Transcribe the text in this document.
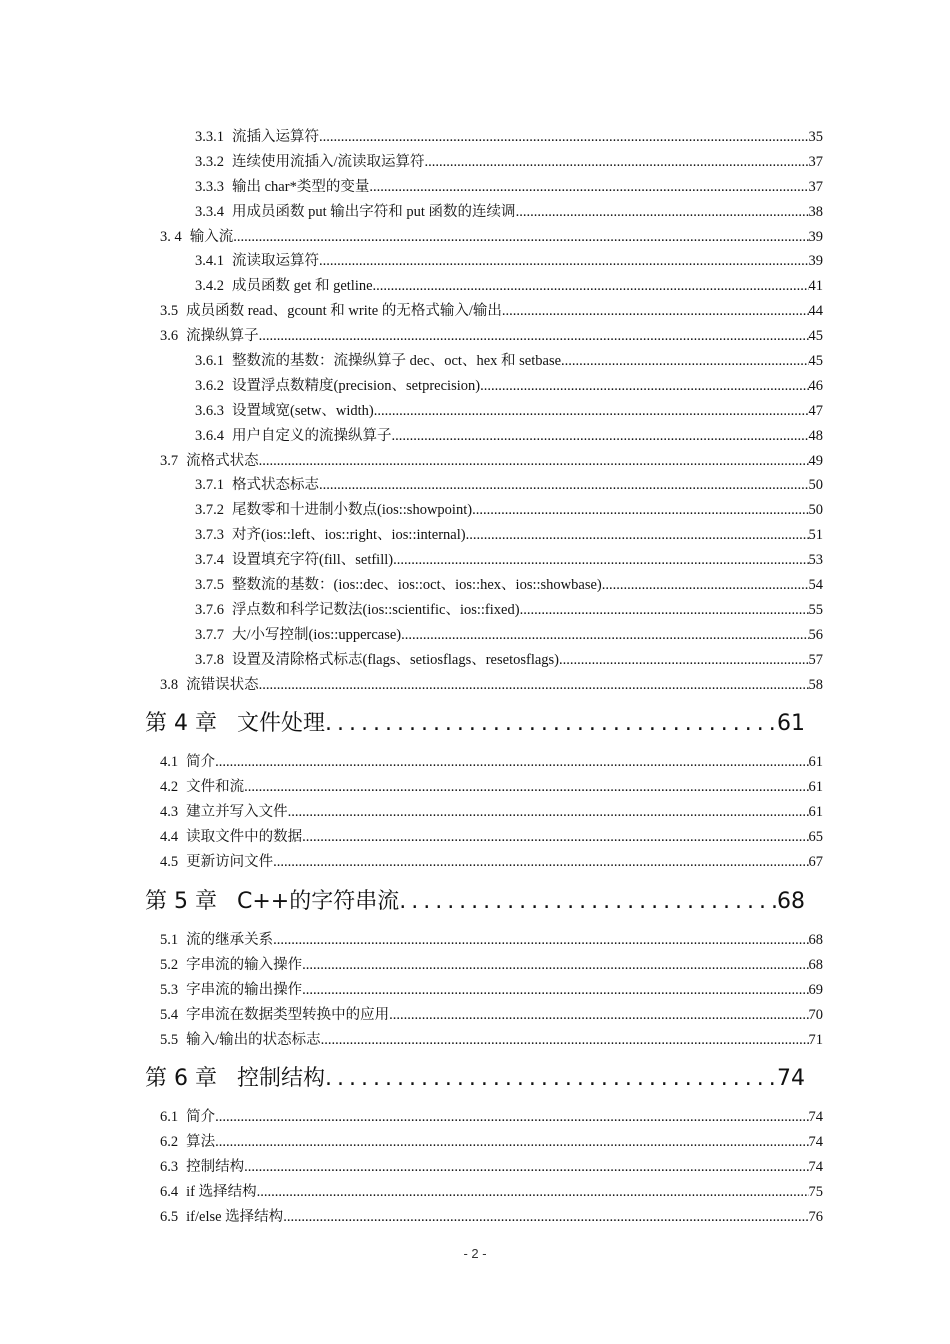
3.3.1 流插入运算符 .....	35
3.3.2 连续使用流插入/流读取运算符 .....	37
3.3.3 输出 char*类型的变量 .....	37
3.3.4 用成员函数 put 输出字符和 put 函数的连续调 .....	38
3. 4 输入流 .....	39
3.4.1 流读取运算符 .....	39
3.4.2 成员函数 get 和 getline .....	41
3.5 成员函数 read、gcount 和 write 的无格式输入/输出 .....	44
3.6 流操纵算子 .....	45
3.6.1 整数流的基数：流操纵算子 dec、oct、hex 和 setbase .....	45
3.6.2 设置浮点数精度(precision、setprecision) .....	46
3.6.3 设置域宽(setw、width) .....	47
3.6.4 用户自定义的流操纵算子 .....	48
3.7 流格式状态 .....	49
3.7.1 格式状态标志 .....	50
3.7.2 尾数零和十进制小数点(ios::showpoint) .....	50
3.7.3 对齐(ios::left、ios::right、ios::internal) .....	51
3.7.4 设置填充字符(fill、setfill) .....	53
3.7.5 整数流的基数：(ios::dec、ios::oct、ios::hex、ios::showbase) .....	54
3.7.6 浮点数和科学记数法(ios::scientific、ios::fixed) .....	55
3.7.7 大/小写控制(ios::uppercase) .....	56
3.7.8 设置及清除格式标志(flags、setiosflags、resetosflags) .....	57
3.8 流错误状态 .....	58
第 4 章 文件处理 .....	61
4.1 简介 .....	61
4.2 文件和流 .....	61
4.3 建立并写入文件 .....	61
4.4 读取文件中的数据 .....	65
4.5 更新访问文件 .....	67
第 5 章 C++的字符串流 .....	68
5.1 流的继承关系 .....	68
5.2 字串流的输入操作 .....	68
5.3 字串流的输出操作 .....	69
5.4 字串流在数据类型转换中的应用 .....	70
5.5 输入/输出的状态标志 .....	71
第 6 章 控制结构 .....	74
6.1 简介 .....	74
6.2 算法 .....	74
6.3 控制结构 .....	74
6.4 if 选择结构 .....	75
6.5 if/else 选择结构 .....	76
- 2 -
